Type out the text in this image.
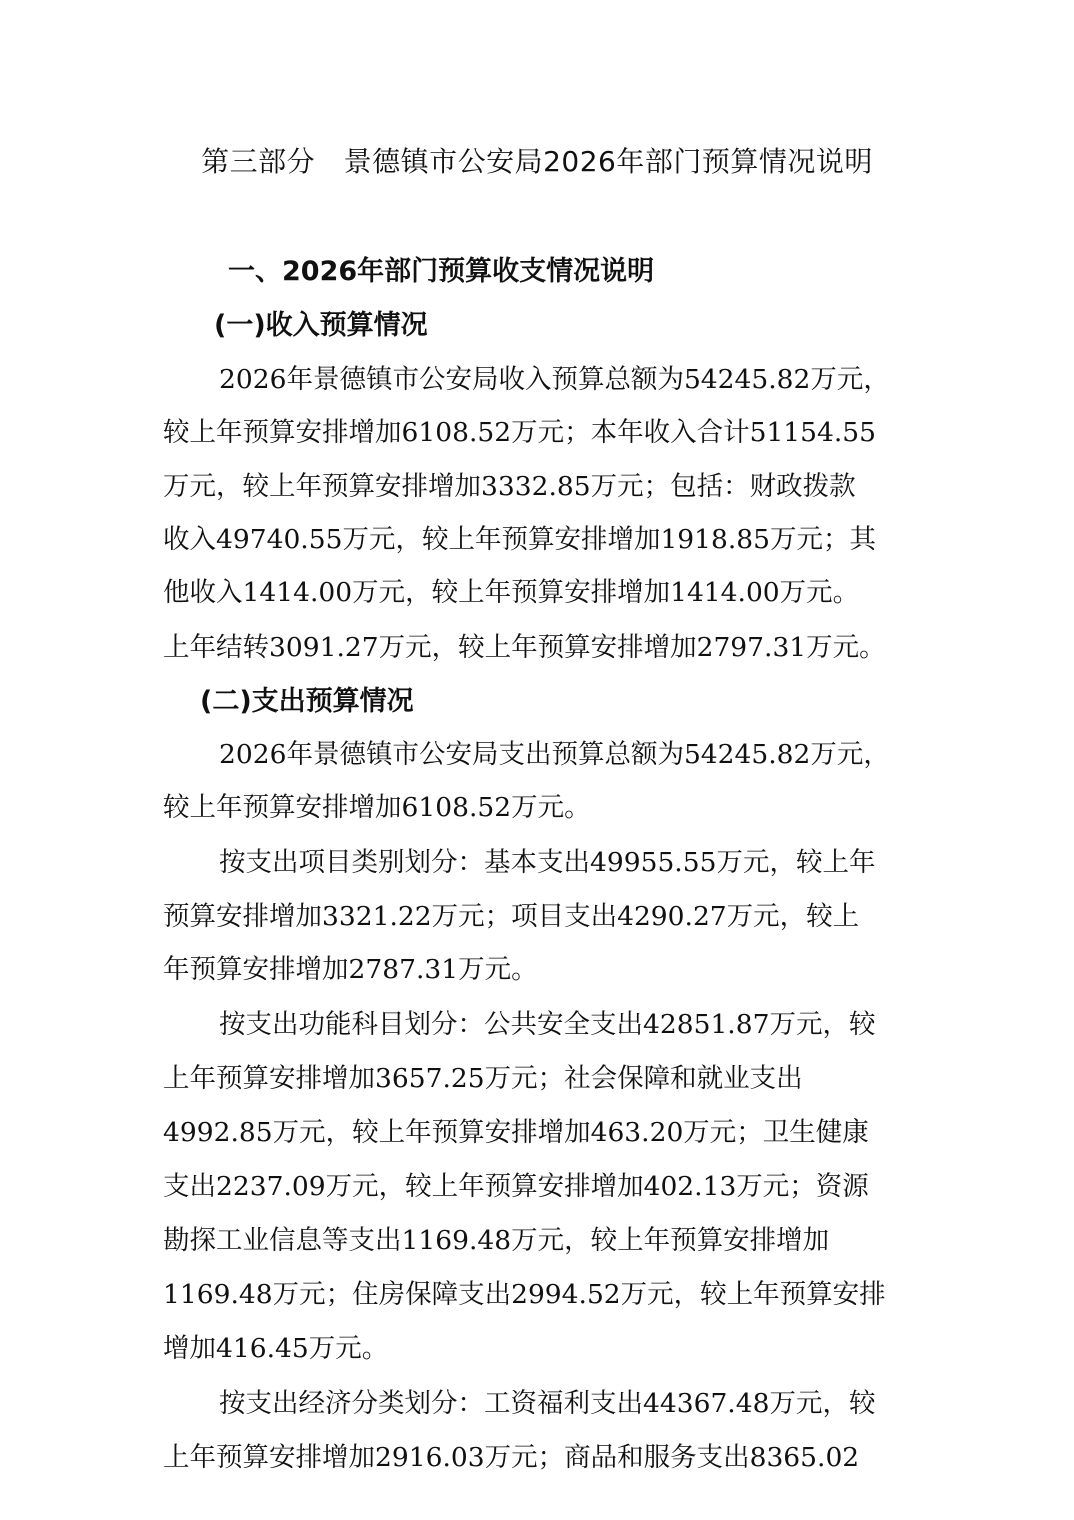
第三部分　景德镇市公安局2026年部门预算情况说明
一、2026年部门预算收支情况说明
(一)收入预算情况
2026年景德镇市公安局收入预算总额为54245.82万元，
较上年预算安排增加6108.52万元；本年收入合计51154.55
万元，较上年预算安排增加3332.85万元；包括：财政拨款
收入49740.55万元，较上年预算安排增加1918.85万元；其
他收入1414.00万元，较上年预算安排增加1414.00万元。
上年结转3091.27万元，较上年预算安排增加2797.31万元。
(二)支出预算情况
2026年景德镇市公安局支出预算总额为54245.82万元，
较上年预算安排增加6108.52万元。
按支出项目类别划分：基本支出49955.55万元，较上年
预算安排增加3321.22万元；项目支出4290.27万元，较上
年预算安排增加2787.31万元。
按支出功能科目划分：公共安全支出42851.87万元，较
上年预算安排增加3657.25万元；社会保障和就业支出
4992.85万元，较上年预算安排增加463.20万元；卫生健康
支出2237.09万元，较上年预算安排增加402.13万元；资源
勘探工业信息等支出1169.48万元，较上年预算安排增加
1169.48万元；住房保障支出2994.52万元，较上年预算安排
增加416.45万元。
按支出经济分类划分：工资福利支出44367.48万元，较
上年预算安排增加2916.03万元；商品和服务支出8365.02
